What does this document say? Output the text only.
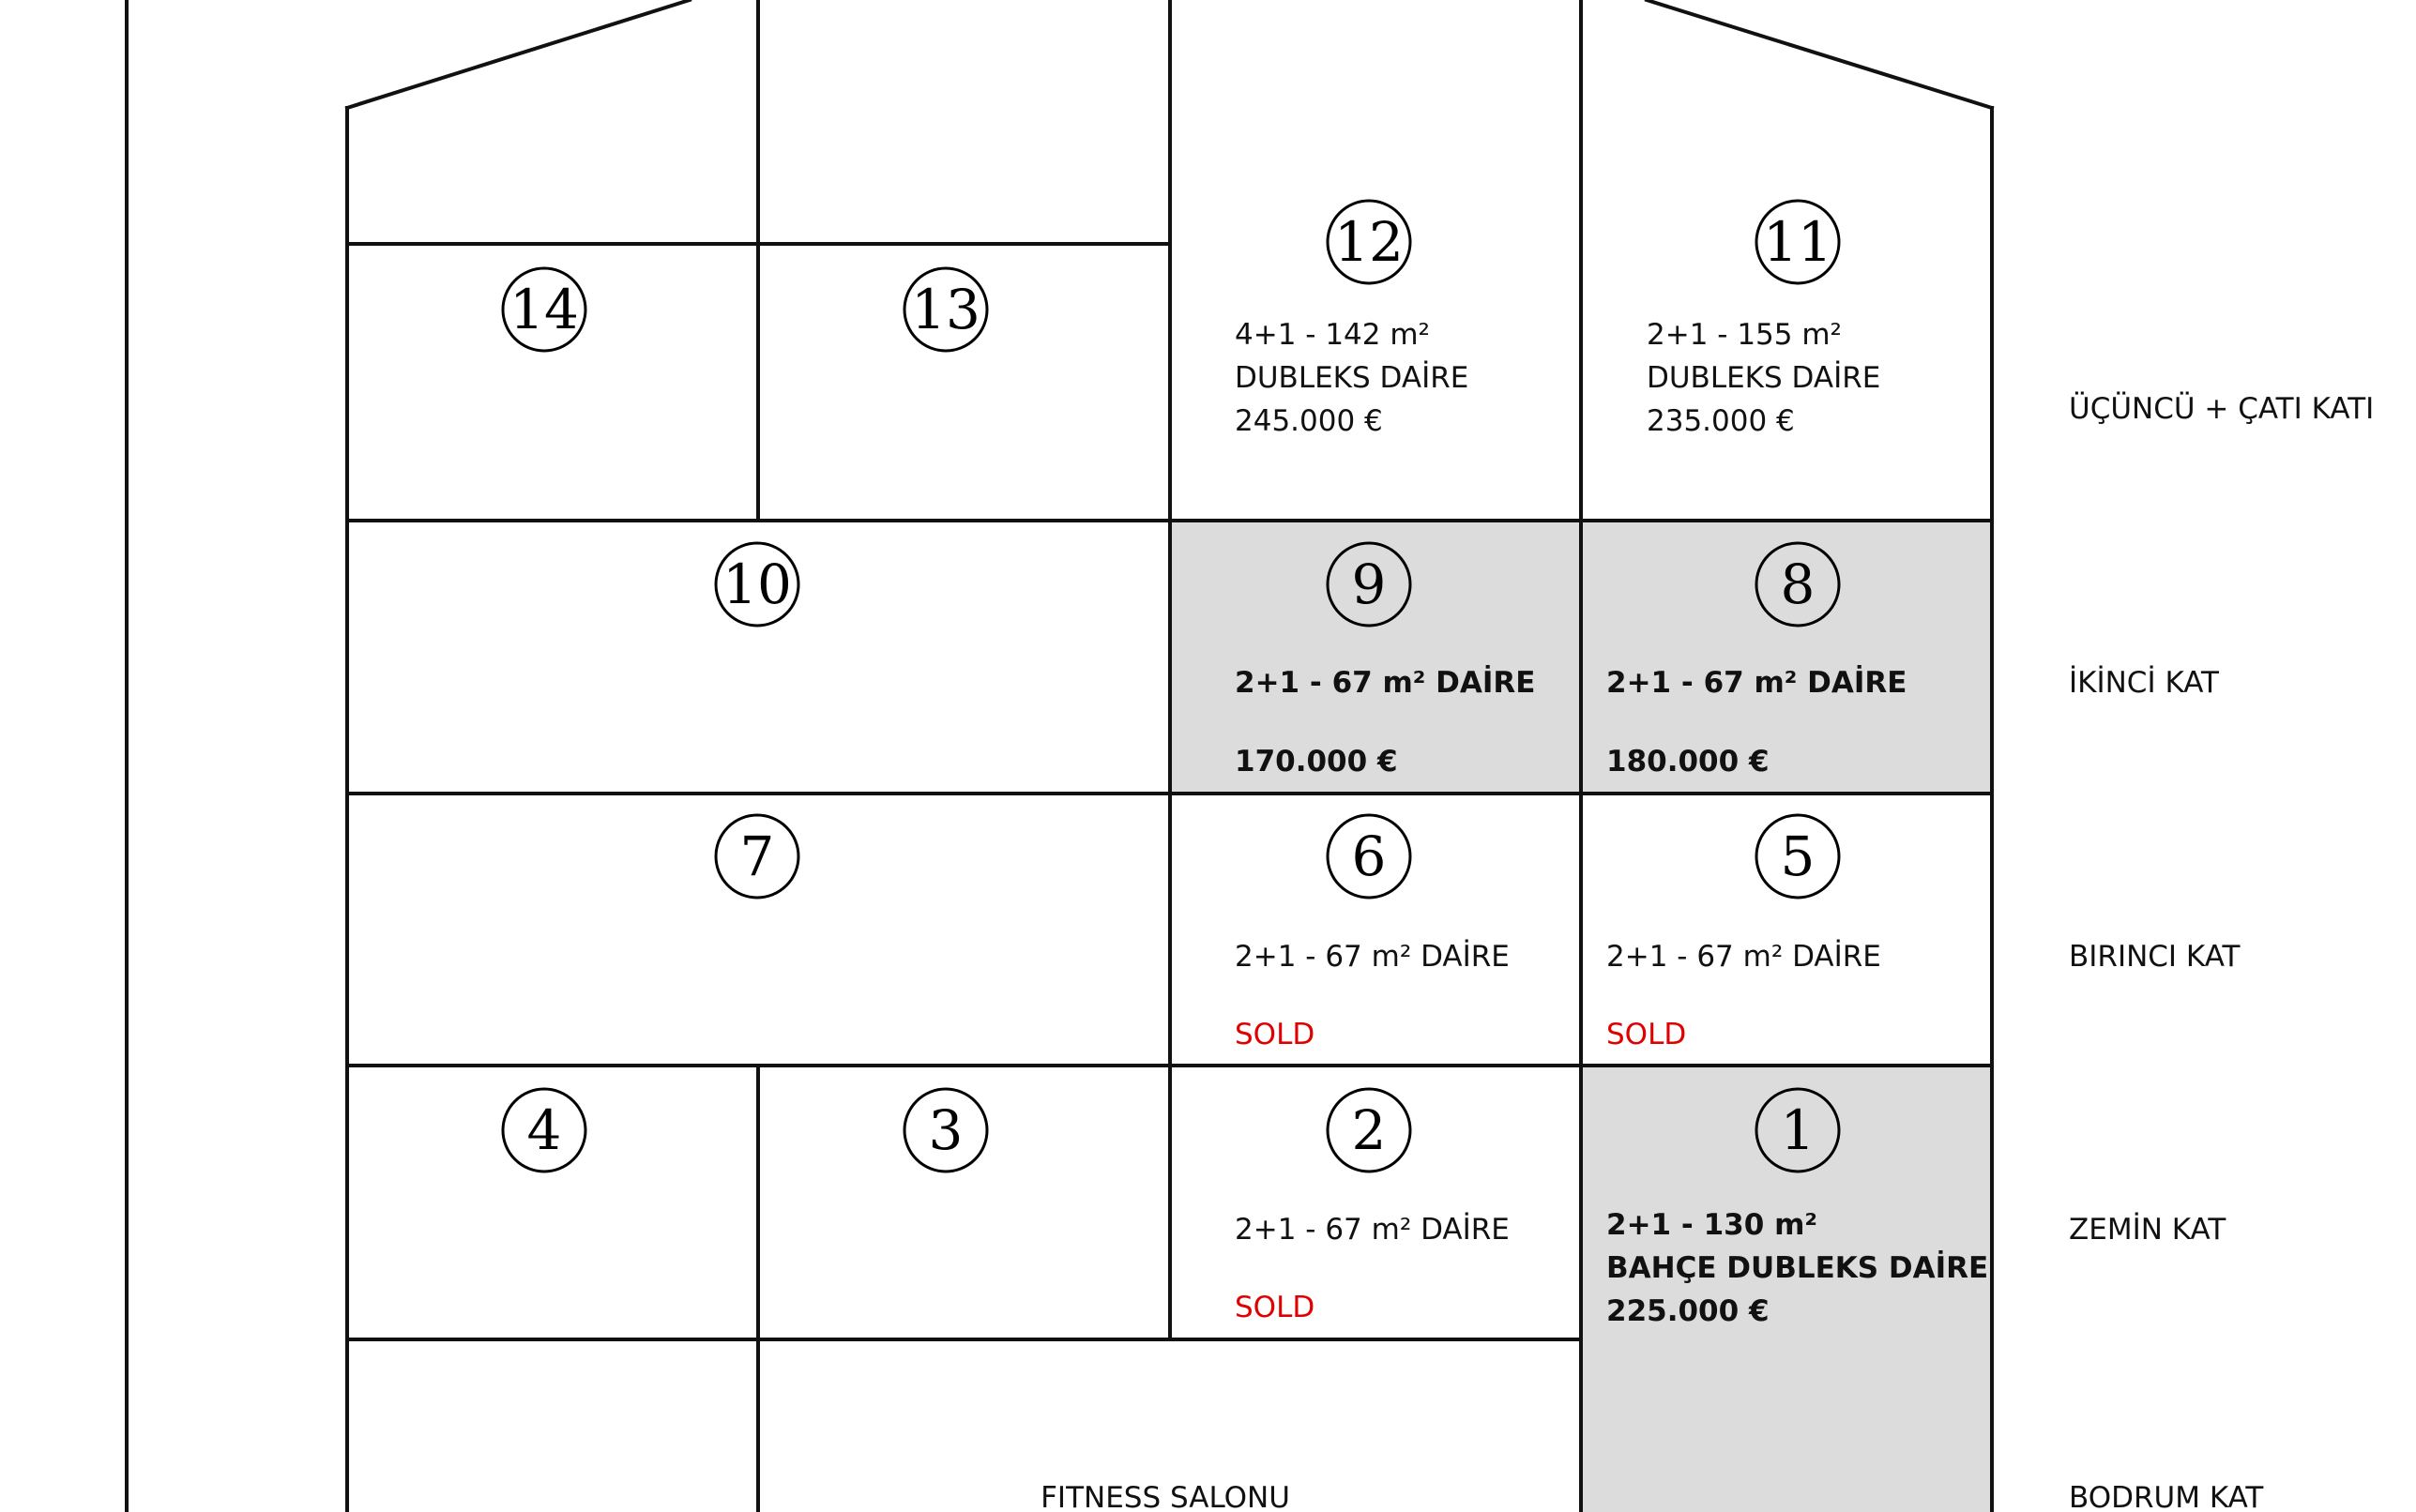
12	11
14	13
10	9	8
7	6	5
4	3	2	1
4+1 - 142 m²
DUBLEKS DAİRE
245.000 €
2+1 - 155 m²
DUBLEKS DAİRE
235.000 €
2+1 - 67 m² DAİRE
170.000 €
2+1 - 67 m² DAİRE
180.000 €
2+1 - 67 m² DAİRE
SOLD
2+1 - 67 m² DAİRE
SOLD
2+1 - 67 m² DAİRE
SOLD
2+1 - 130 m²
BAHÇE DUBLEKS DAİRE
225.000 €
FITNESS SALONU
ÜÇÜNCÜ + ÇATI KATI
İKİNCİ KAT
BIRINCI KAT
ZEMİN KAT
BODRUM KAT
